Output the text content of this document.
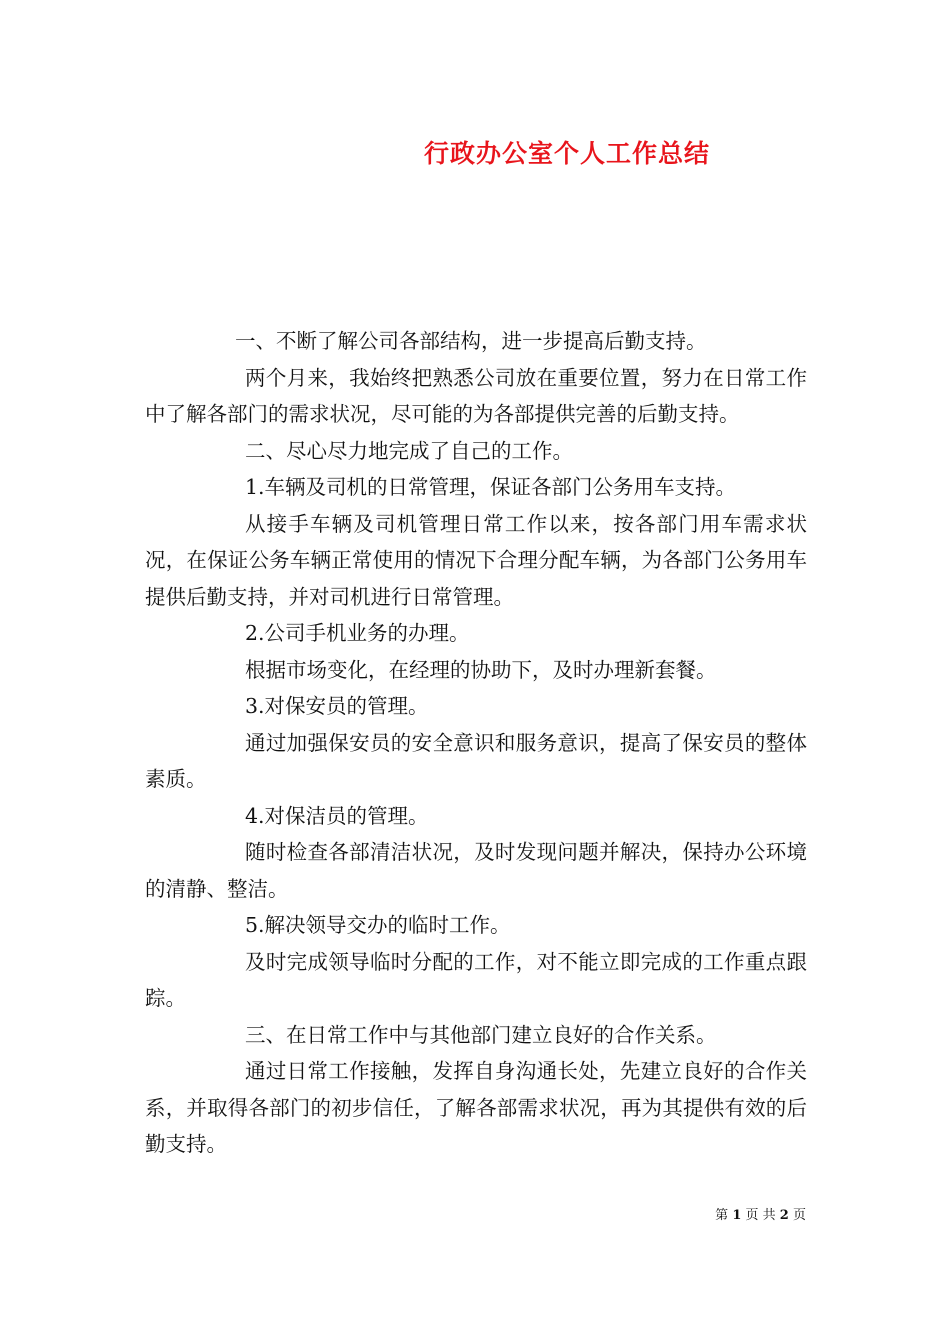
行政办公室个人工作总结

一、不断了解公司各部结构，进一步提高后勤支持。

两个月来，我始终把熟悉公司放在重要位置，努力在日常工作中了解各部门的需求状况，尽可能的为各部提供完善的后勤支持。

二、尽心尽力地完成了自己的工作。

1.车辆及司机的日常管理，保证各部门公务用车支持。

从接手车辆及司机管理日常工作以来，按各部门用车需求状况，在保证公务车辆正常使用的情况下合理分配车辆，为各部门公务用车提供后勤支持，并对司机进行日常管理。

2.公司手机业务的办理。

根据市场变化，在经理的协助下，及时办理新套餐。

3.对保安员的管理。

通过加强保安员的安全意识和服务意识，提高了保安员的整体素质。

4.对保洁员的管理。

随时检查各部清洁状况，及时发现问题并解决，保持办公环境的清静、整洁。

5.解决领导交办的临时工作。

及时完成领导临时分配的工作，对不能立即完成的工作重点跟踪。

三、在日常工作中与其他部门建立良好的合作关系。

通过日常工作接触，发挥自身沟通长处，先建立良好的合作关系，并取得各部门的初步信任，了解各部需求状况，再为其提供有效的后勤支持。

第 1 页 共 2 页
